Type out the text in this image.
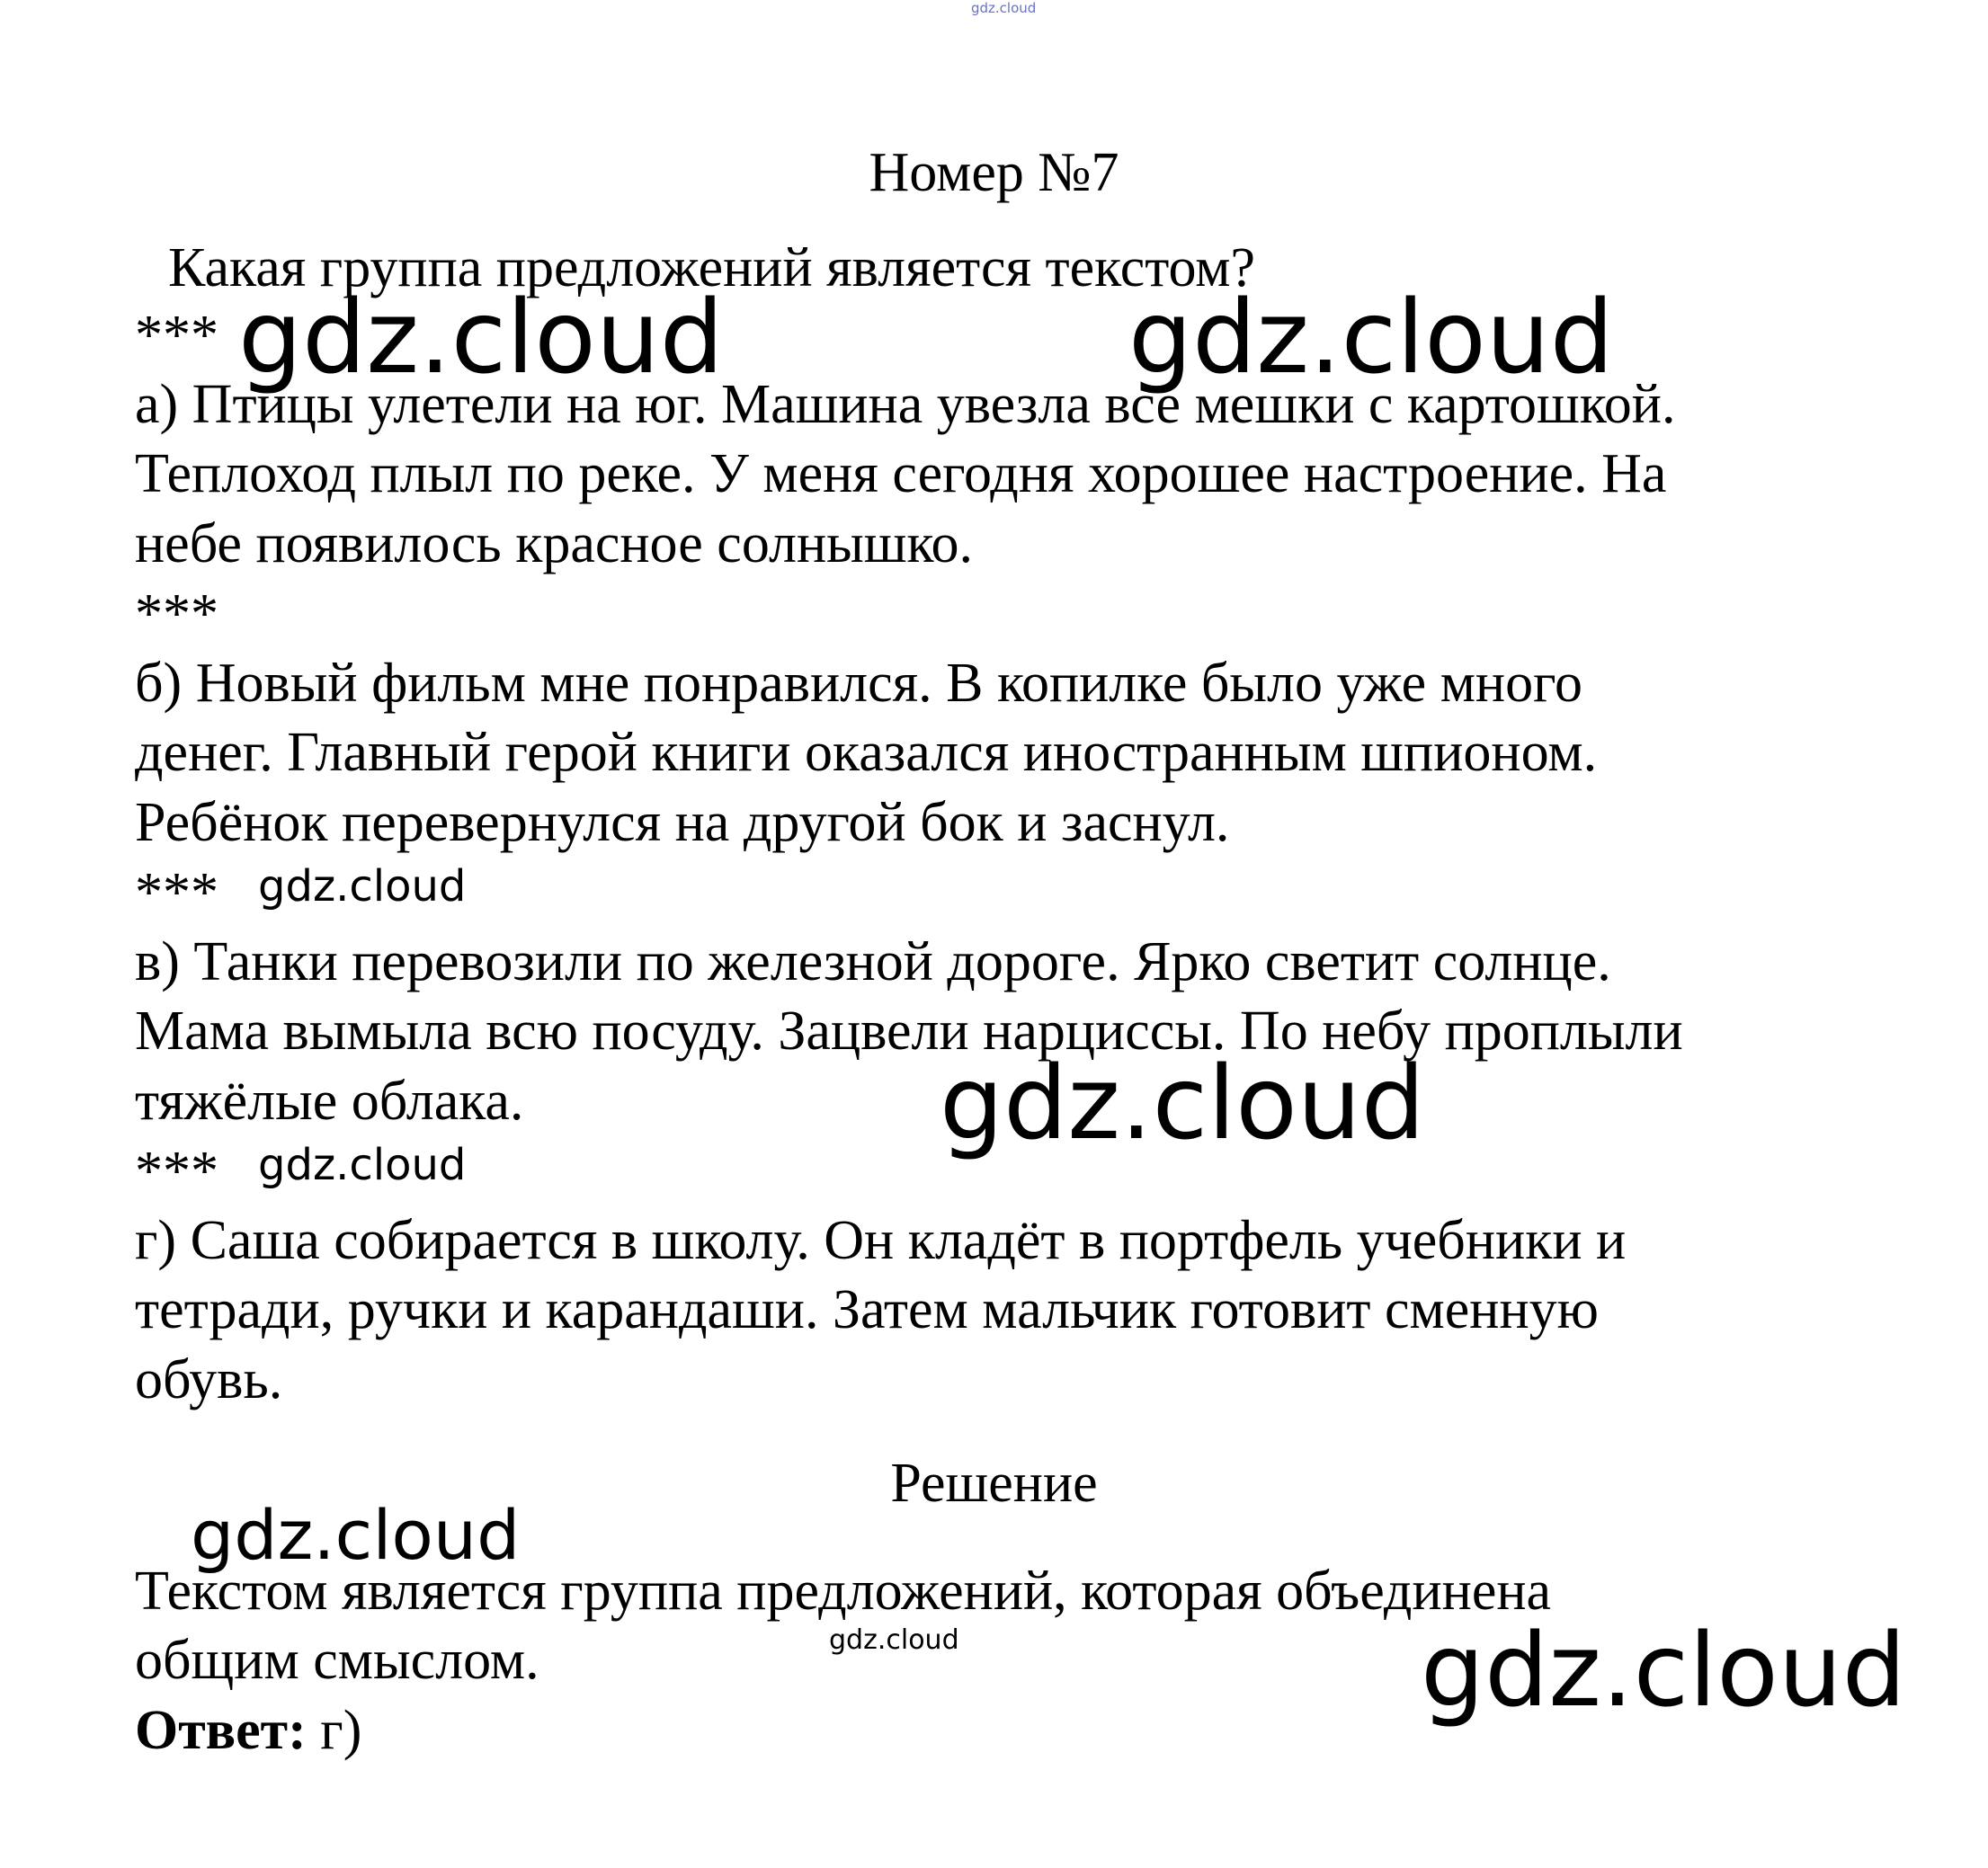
gdz.cloud
gdz.cloud	gdz.cloud
gdz.cloud
gdz.cloud
gdz.cloud
gdz.cloud
gdz.cloud	gdz.cloud
Номер №7
Какая группа предложений является текстом?
***
а) Птицы улетели на юг. Машина увезла все мешки с картошкой.
Теплоход плыл по реке. У меня сегодня хорошее настроение. На
небе появилось красное солнышко.
***
б) Новый фильм мне понравился. В копилке было уже много
денег. Главный герой книги оказался иностранным шпионом.
Ребёнок перевернулся на другой бок и заснул.
***
в) Танки перевозили по железной дороге. Ярко светит солнце.
Мама вымыла всю посуду. Зацвели нарциссы. По небу проплыли
тяжёлые облака.
***
г) Саша собирается в школу. Он кладёт в портфель учебники и
тетради, ручки и карандаши. Затем мальчик готовит сменную
обувь.
Решение
Текстом является группа предложений, которая объединена
общим смыслом.
Ответ: г)
